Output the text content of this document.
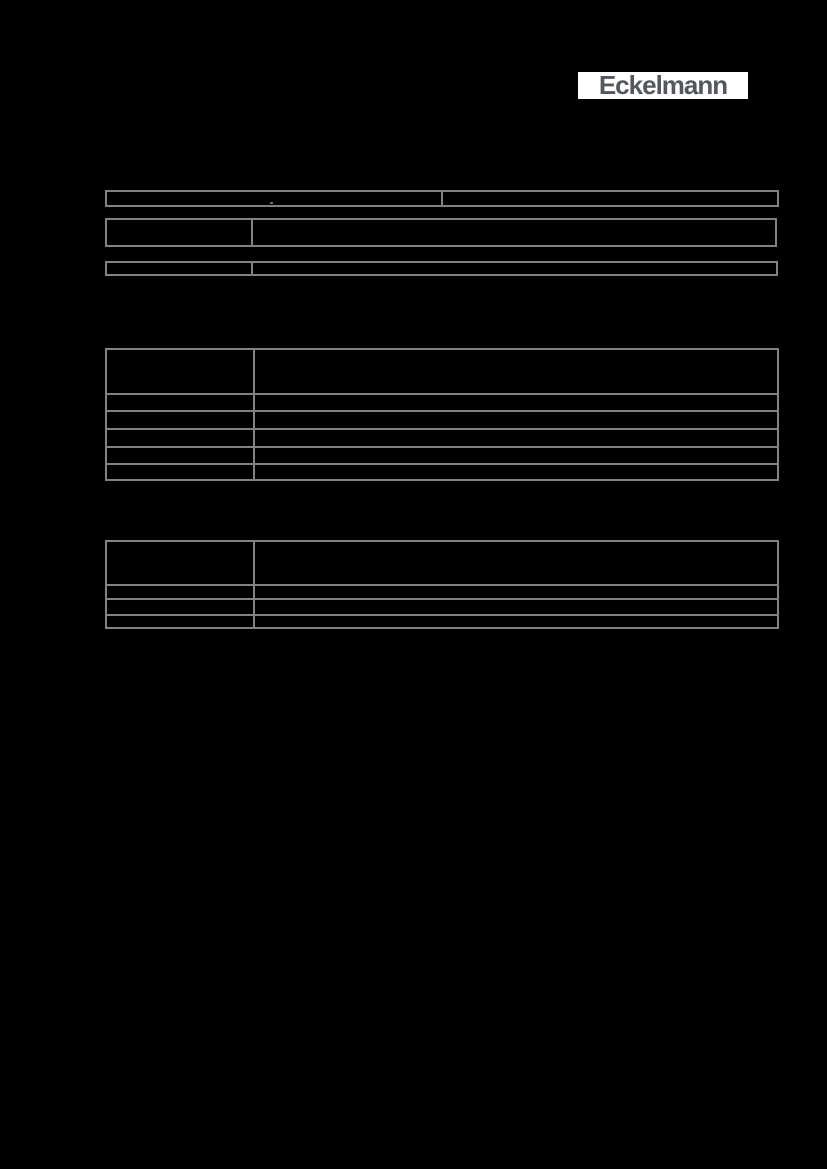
Eckelmann
